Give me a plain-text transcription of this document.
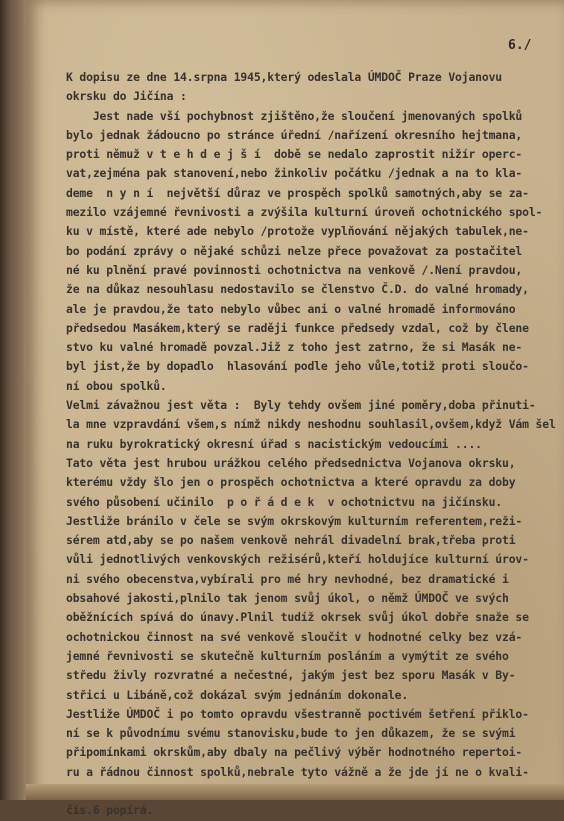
6./
K dopisu ze dne 14.srpna 1945,který odeslala ÚMDOČ Praze Vojanovu
okrsku do Jičína :
Jest nade vší pochybnost zjištěno,že sloučení jmenovaných spolků
bylo jednak žádoucno po stránce úřední /nařízení okresního hejtmana,
proti němuž v t e h d e j š í  době se nedalo zaprostit nižír operc-
vat,zejména pak stanovení,nebo žinkoliv počátku /jednak a na to kla-
deme  n y n í  největší důraz ve prospěch spolků samotných,aby se za-
mezilo vzájemné řevnivosti a zvýšila kulturní úroveň ochotnického spol-
ku v místě, které ade nebylo /protože vyplňování nějakých tabulek,ne-
bo podání zprávy o nějaké schůzi nelze přece považovat za postačitel
né ku plnění pravé povinnosti ochotnictva na venkově /.Není pravdou,
že na důkaz nesouhlasu nedostavilo se členstvo Č.D. do valné hromady,
ale je pravdou,že tato nebylo vůbec ani o valné hromadě informováno
předsedou Masákem,který se raději funkce předsedy vzdal, což by člene
stvo ku valné hromadě povzal.Již z toho jest zatrno, že si Masák ne-
byl jist,že by dopadlo  hlasování podle jeho vůle,totiž proti sloučo-
ní obou spolků.
Velmi závažnou jest věta :  Byly tehdy ovšem jiné poměry,doba přinuti-
la mne vzpravdání všem,s nímž nikdy neshodnu souhlasil,ovšem,když Vám šel
na ruku byrokratický okresní úřad s nacistickým vedoucími ....
Tato věta jest hrubou urážkou celého předsednictva Vojanova okrsku,
kterému vždy šlo jen o prospěch ochotnictva a které opravdu za doby
svého působení učinilo  p o ř á d e k  v ochotnictvu na jičínsku.
Jestliže bránilo v čele se svým okrskovým kulturním referentem,reži-
sérem atd,aby se po našem venkově nehrál divadelní brak,třeba proti
vůli jednotlivých venkovských režisérů,kteří holdujíce kulturní úrov-
ni svého obecenstva,vybírali pro mé hry nevhodné, bez dramatické i
obsahové jakosti,plnilo tak jenom svůj úkol, o němž ÚMDOČ ve svých
oběžnících spívá do únavy.Plnil tudíž okrsek svůj úkol dobře snaže se
ochotnickou činnost na své venkově sloučit v hodnotné celky bez vzá-
jemné řevnivosti se skutečně kulturním posláním a vymýtit ze svého
středu živly rozvratné a nečestné, jakým jest bez sporu Masák v By-
střici u Libáně,což dokázal svým jednáním dokonale.
Jestliže ÚMDOČ i po tomto opravdu všestranně poctivém šetření přiklo-
ní se k původnímu svému stanovisku,bude to jen důkazem, že se svými
připomínkami okrskům,aby dbaly na pečlivý výběr hodnotného repertoi-
ru a řádnou činnost spolků,nebrale tyto vážně a že jde jí ne o kvali-
čís.6 popírá.
